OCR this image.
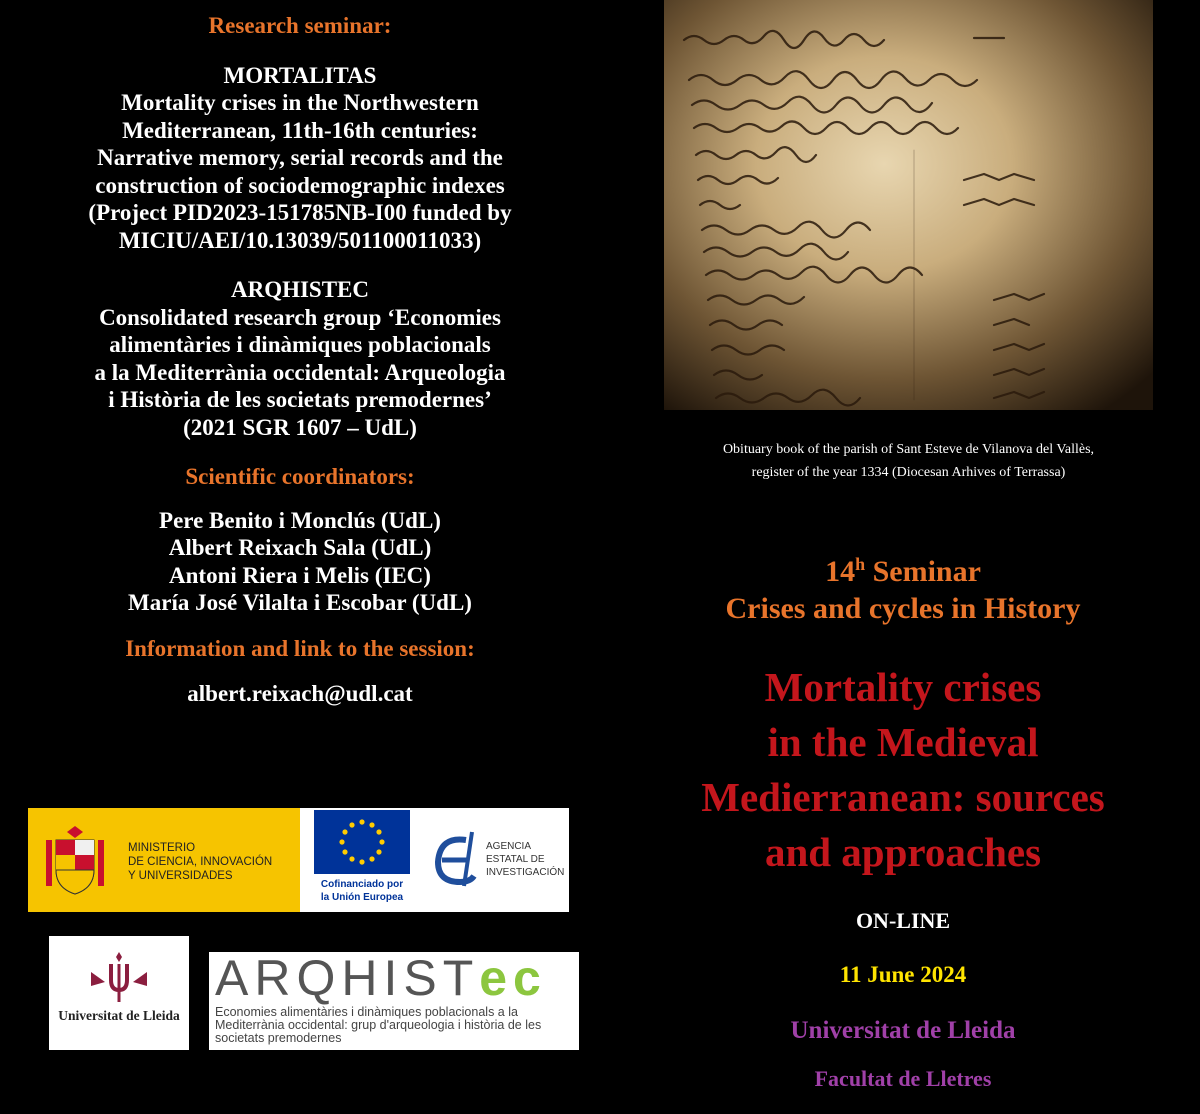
Research seminar:
MORTALITAS
Mortality crises in the Northwestern
Mediterranean, 11th-16th centuries:
Narrative memory, serial records and the
construction of sociodemographic indexes
(Project PID2023-151785NB-I00 funded by
MICIU/AEI/10.13039/501100011033)
ARQHISTEC
Consolidated research group ‘Economies
alimentàries i dinàmiques poblacionals
a la Mediterrània occidental: Arqueologia
i Història de les societats premodernes’
(2021 SGR 1607 – UdL)
Scientific coordinators:
Pere Benito i Monclús (UdL)
Albert Reixach Sala (UdL)
Antoni Riera i Melis (IEC)
María José Vilalta i Escobar (UdL)
Information and link to the session:
albert.reixach@udl.cat
Obituary book of the parish of Sant Esteve de Vilanova del Vallès,
register of the year 1334 (Diocesan Arhives of Terrassa)
14$^h$ Seminar
Crises and cycles in History
Mortality crises
in the Medieval
Medierranean: sources
and approaches
ON-LINE
11 June 2024
Universitat de Lleida
Facultat de Lletres
MINISTERIO
DE CIENCIA, INNOVACIÓN
Y UNIVERSIDADES
Cofinanciado por
la Unión Europea
AGENCIA
ESTATAL DE
INVESTIGACIÓN
Universitat de Lleida
ARQHISTec
Economies alimentàries i dinàmiques poblacionals a la Mediterrània occidental: grup d'arqueologia i història de les societats premodernes
